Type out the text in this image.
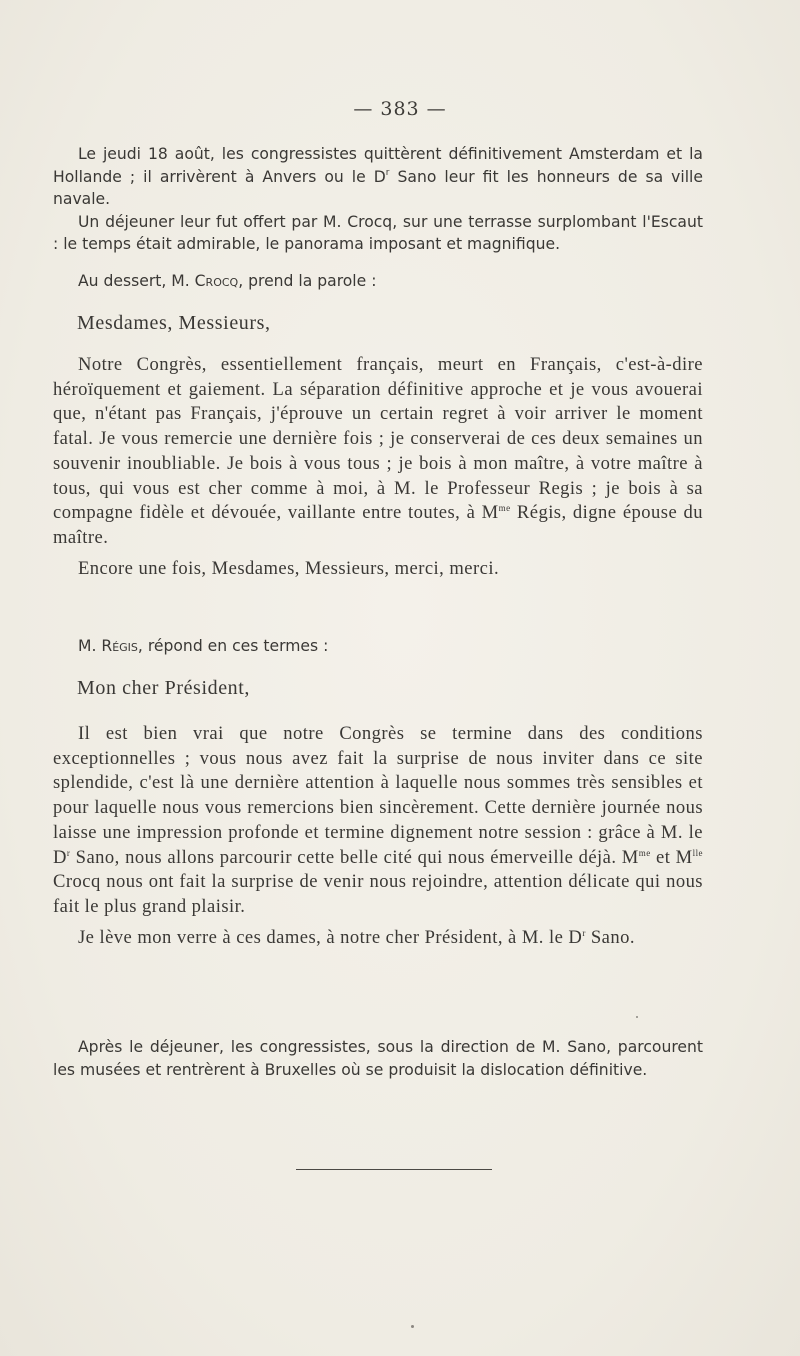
— 383 —

Le jeudi 18 août, les congressistes quittèrent définitivement Amsterdam et la Hollande ; il arrivèrent à Anvers ou le $D^r$ Sano leur fit les honneurs de sa ville navale.

Un déjeuner leur fut offert par M. Crocq, sur une terrasse surplombant l'Escaut : le temps était admirable, le panorama imposant et magnifique.

Au dessert, M. Crocq, prend la parole :

Mesdames, Messieurs,

Notre Congrès, essentiellement français, meurt en Français, c'est-à-dire héroïquement et gaiement. La séparation définitive approche et je vous avouerai que, n'étant pas Français, j'éprouve un certain regret à voir arriver le moment fatal. Je vous remercie une dernière fois ; je conserverai de ces deux semaines un souvenir inoubliable. Je bois à vous tous ; je bois à mon maître, à votre maître à tous, qui vous est cher comme à moi, à M. le Professeur Regis ; je bois à sa compagne fidèle et dévouée, vaillante entre toutes, à $M^{me}$ Régis, digne épouse du maître.

Encore une fois, Mesdames, Messieurs, merci, merci.

M. Régis, répond en ces termes :

Mon cher Président,

Il est bien vrai que notre Congrès se termine dans des conditions exceptionnelles ; vous nous avez fait la surprise de nous inviter dans ce site splendide, c'est là une dernière attention à laquelle nous sommes très sensibles et pour laquelle nous vous remercions bien sincèrement. Cette dernière journée nous laisse une impression profonde et termine dignement notre session : grâce à M. le $D^r$ Sano, nous allons parcourir cette belle cité qui nous émerveille déjà. $M^{me}$ et $M^{lle}$ Crocq nous ont fait la surprise de venir nous rejoindre, attention délicate qui nous fait le plus grand plaisir.

Je lève mon verre à ces dames, à notre cher Président, à M. le $D^r$ Sano.

Après le déjeuner, les congressistes, sous la direction de M. Sano, parcourent les musées et rentrèrent à Bruxelles où se produisit la dislocation définitive.
